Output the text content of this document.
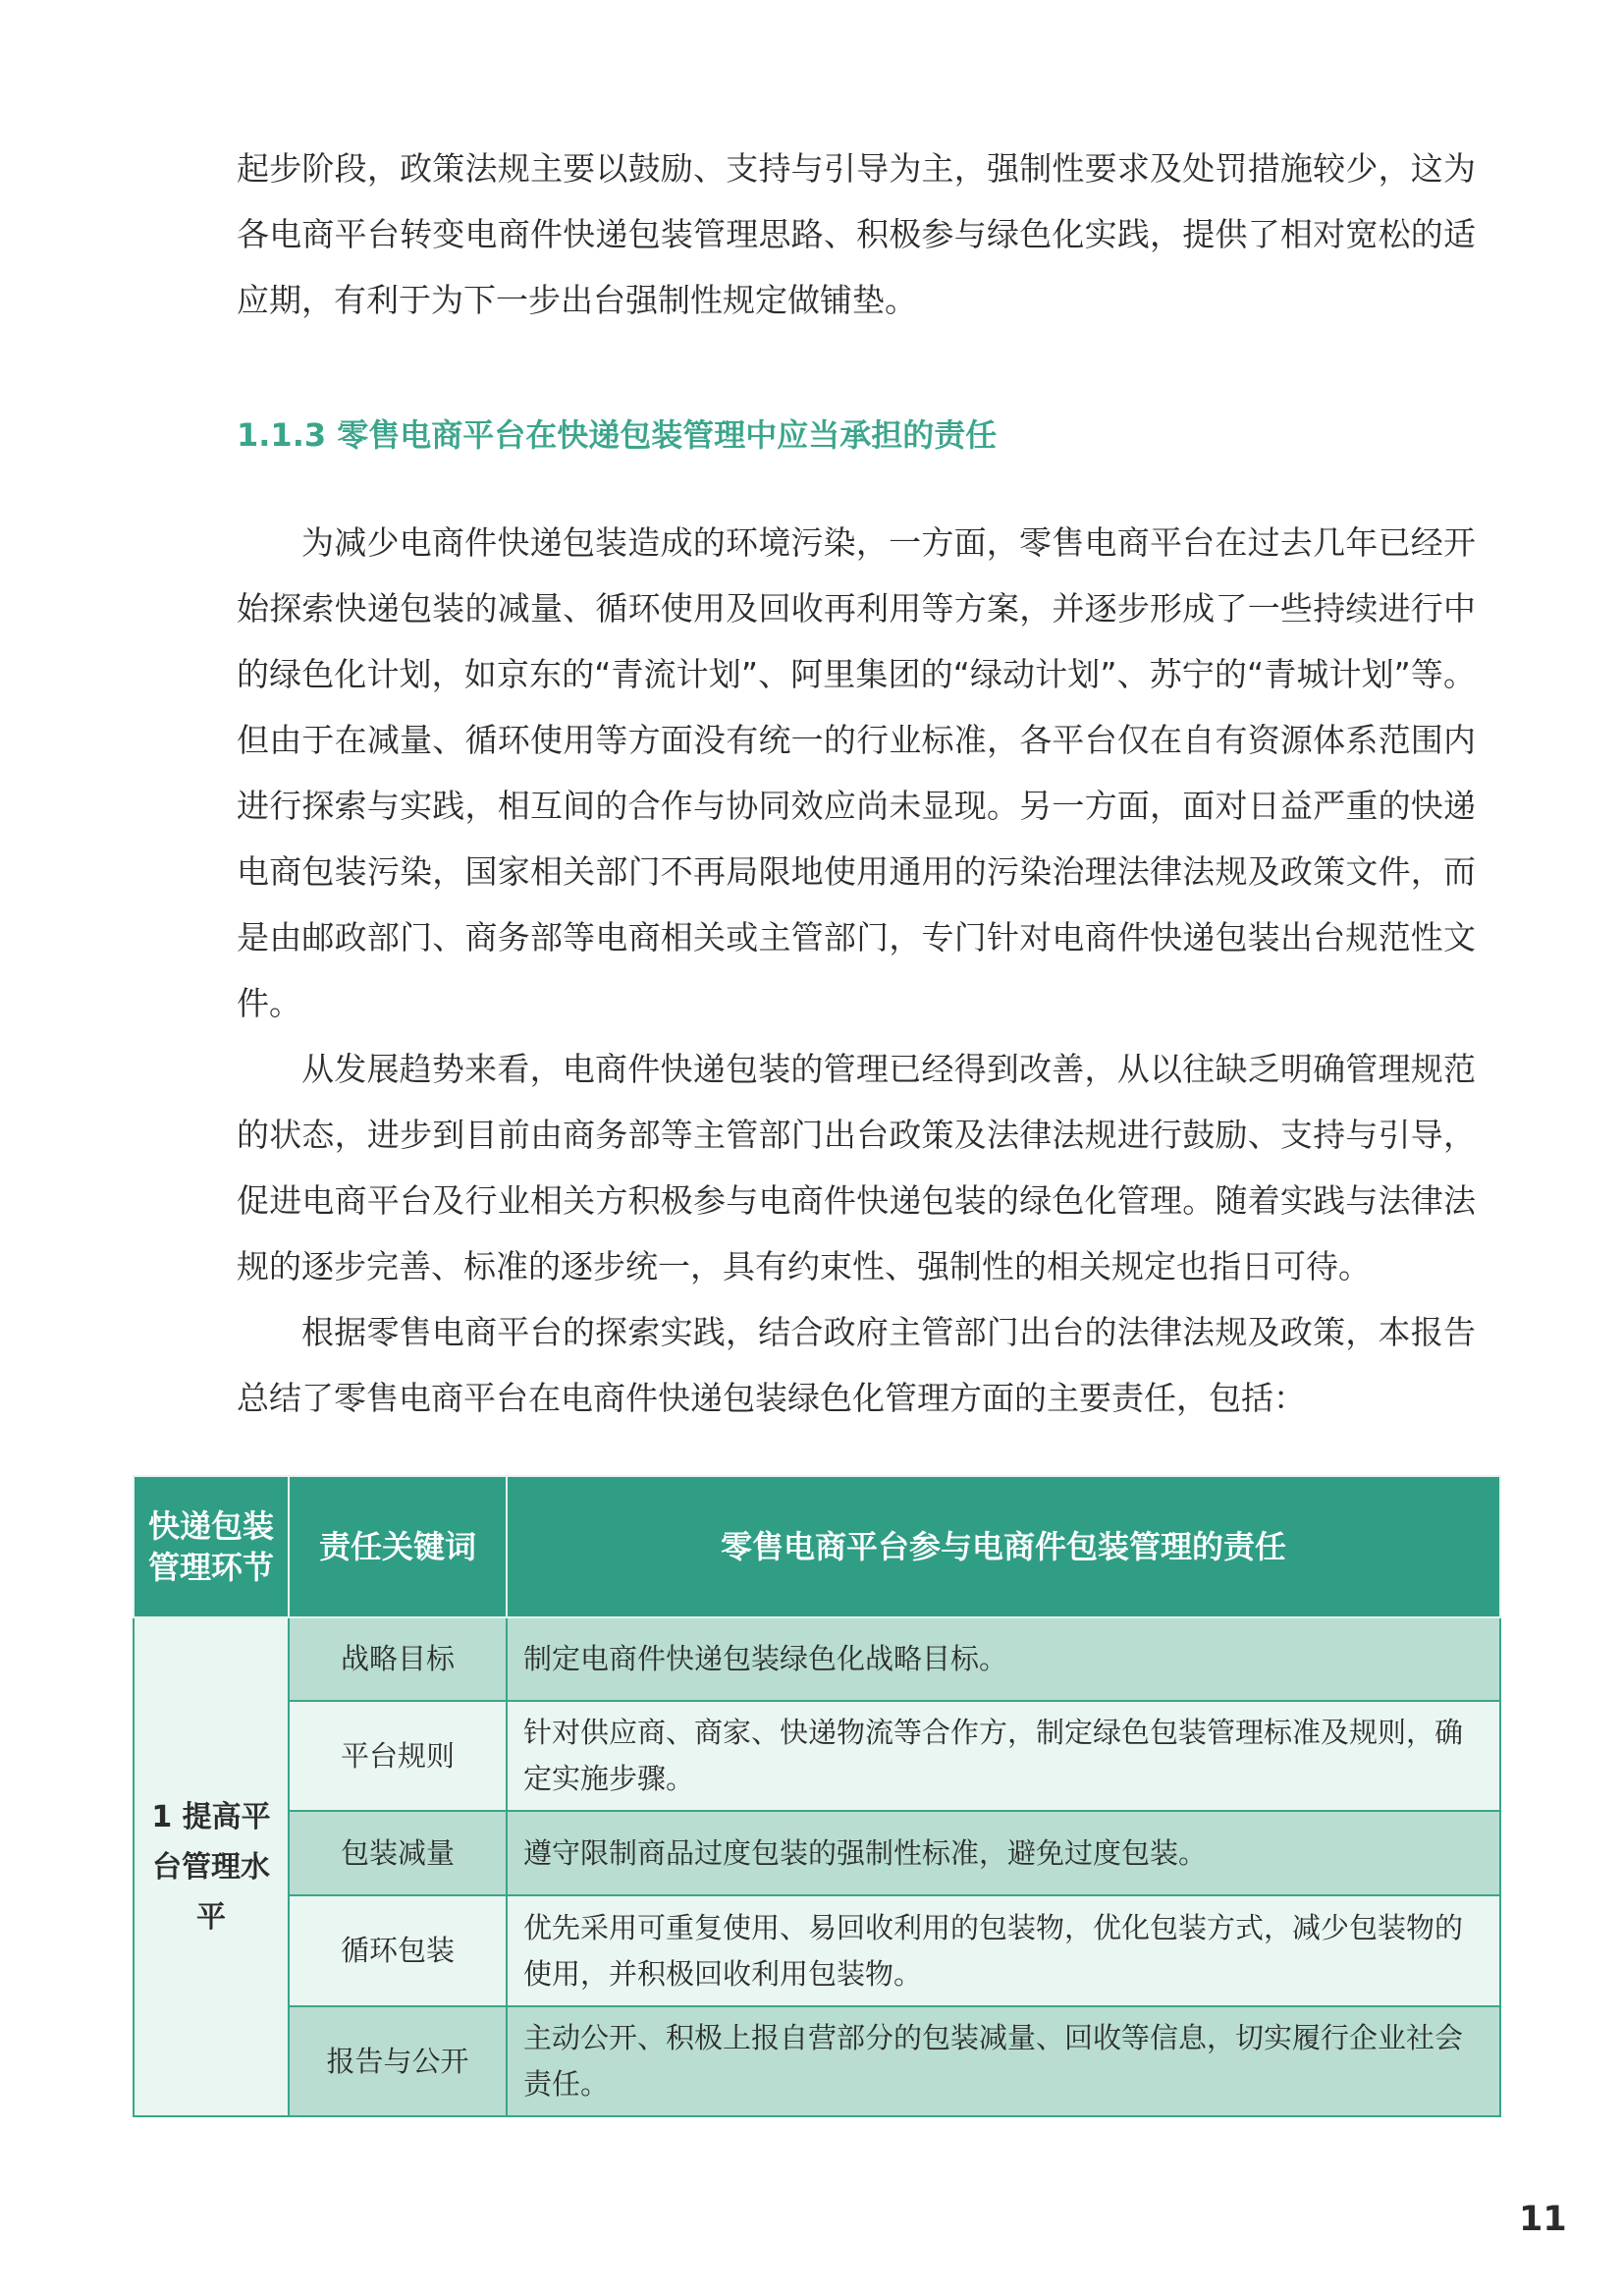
起步阶段，政策法规主要以鼓励、支持与引导为主，强制性要求及处罚措施较少，这为各电商平台转变电商件快递包装管理思路、积极参与绿色化实践，提供了相对宽松的适应期，有利于为下一步出台强制性规定做铺垫。

1.1.3 零售电商平台在快递包装管理中应当承担的责任

为减少电商件快递包装造成的环境污染，一方面，零售电商平台在过去几年已经开始探索快递包装的减量、循环使用及回收再利用等方案，并逐步形成了一些持续进行中的绿色化计划，如京东的“青流计划”、阿里集团的“绿动计划”、苏宁的“青城计划”等。但由于在减量、循环使用等方面没有统一的行业标准，各平台仅在自有资源体系范围内进行探索与实践，相互间的合作与协同效应尚未显现。另一方面，面对日益严重的快递电商包装污染，国家相关部门不再局限地使用通用的污染治理法律法规及政策文件，而是由邮政部门、商务部等电商相关或主管部门，专门针对电商件快递包装出台规范性文件。

从发展趋势来看，电商件快递包装的管理已经得到改善，从以往缺乏明确管理规范的状态，进步到目前由商务部等主管部门出台政策及法律法规进行鼓励、支持与引导，促进电商平台及行业相关方积极参与电商件快递包装的绿色化管理。随着实践与法律法规的逐步完善、标准的逐步统一，具有约束性、强制性的相关规定也指日可待。

根据零售电商平台的探索实践，结合政府主管部门出台的法律法规及政策，本报告总结了零售电商平台在电商件快递包装绿色化管理方面的主要责任，包括：

快递包装管理环节	责任关键词	零售电商平台参与电商件包装管理的责任
1 提高平台管理水平	战略目标	制定电商件快递包装绿色化战略目标。
	平台规则	针对供应商、商家、快递物流等合作方，制定绿色包装管理标准及规则，确定实施步骤。
	包装减量	遵守限制商品过度包装的强制性标准，避免过度包装。
	循环包装	优先采用可重复使用、易回收利用的包装物，优化包装方式，减少包装物的使用，并积极回收利用包装物。
	报告与公开	主动公开、积极上报自营部分的包装减量、回收等信息，切实履行企业社会责任。

11
